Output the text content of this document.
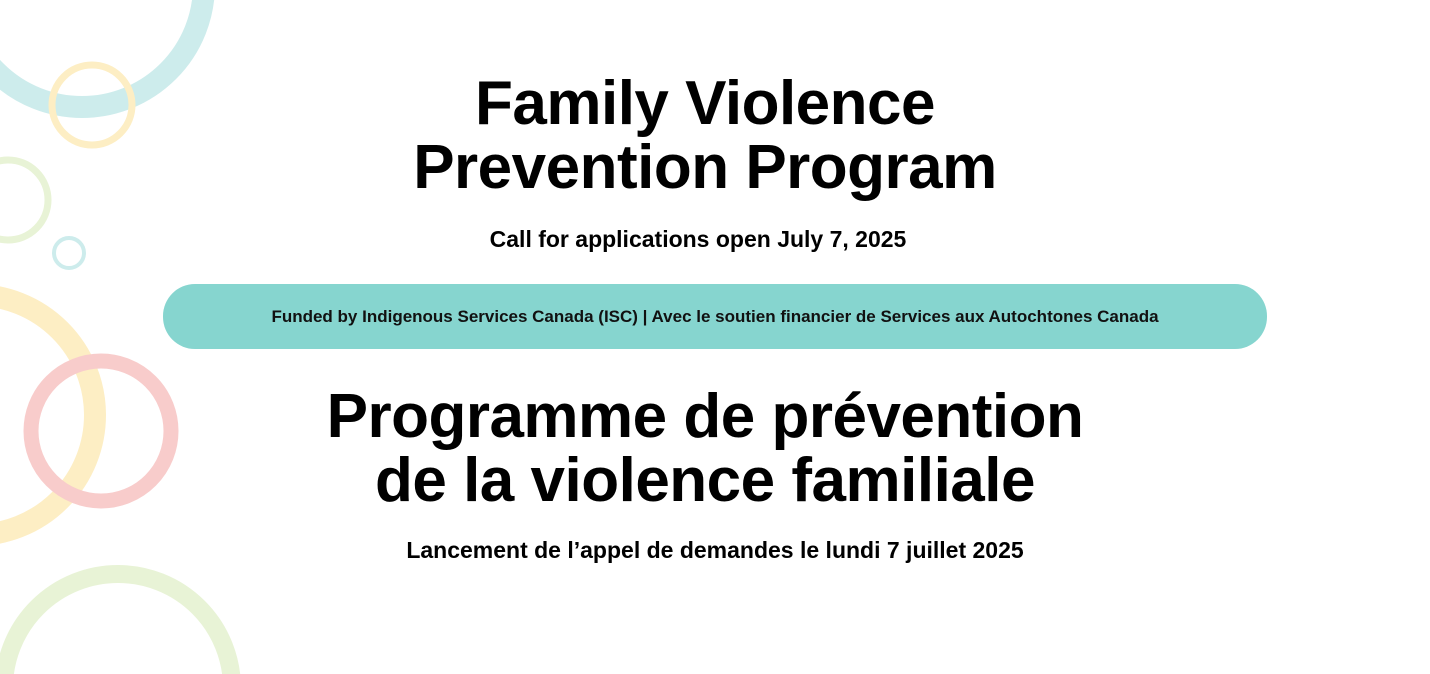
Family Violence
Prevention Program
Call for applications open July 7, 2025
Funded by Indigenous Services Canada (ISC) | Avec le soutien financier de Services aux Autochtones Canada
Programme de prévention
de la violence familiale
Lancement de l’appel de demandes le lundi 7 juillet 2025
